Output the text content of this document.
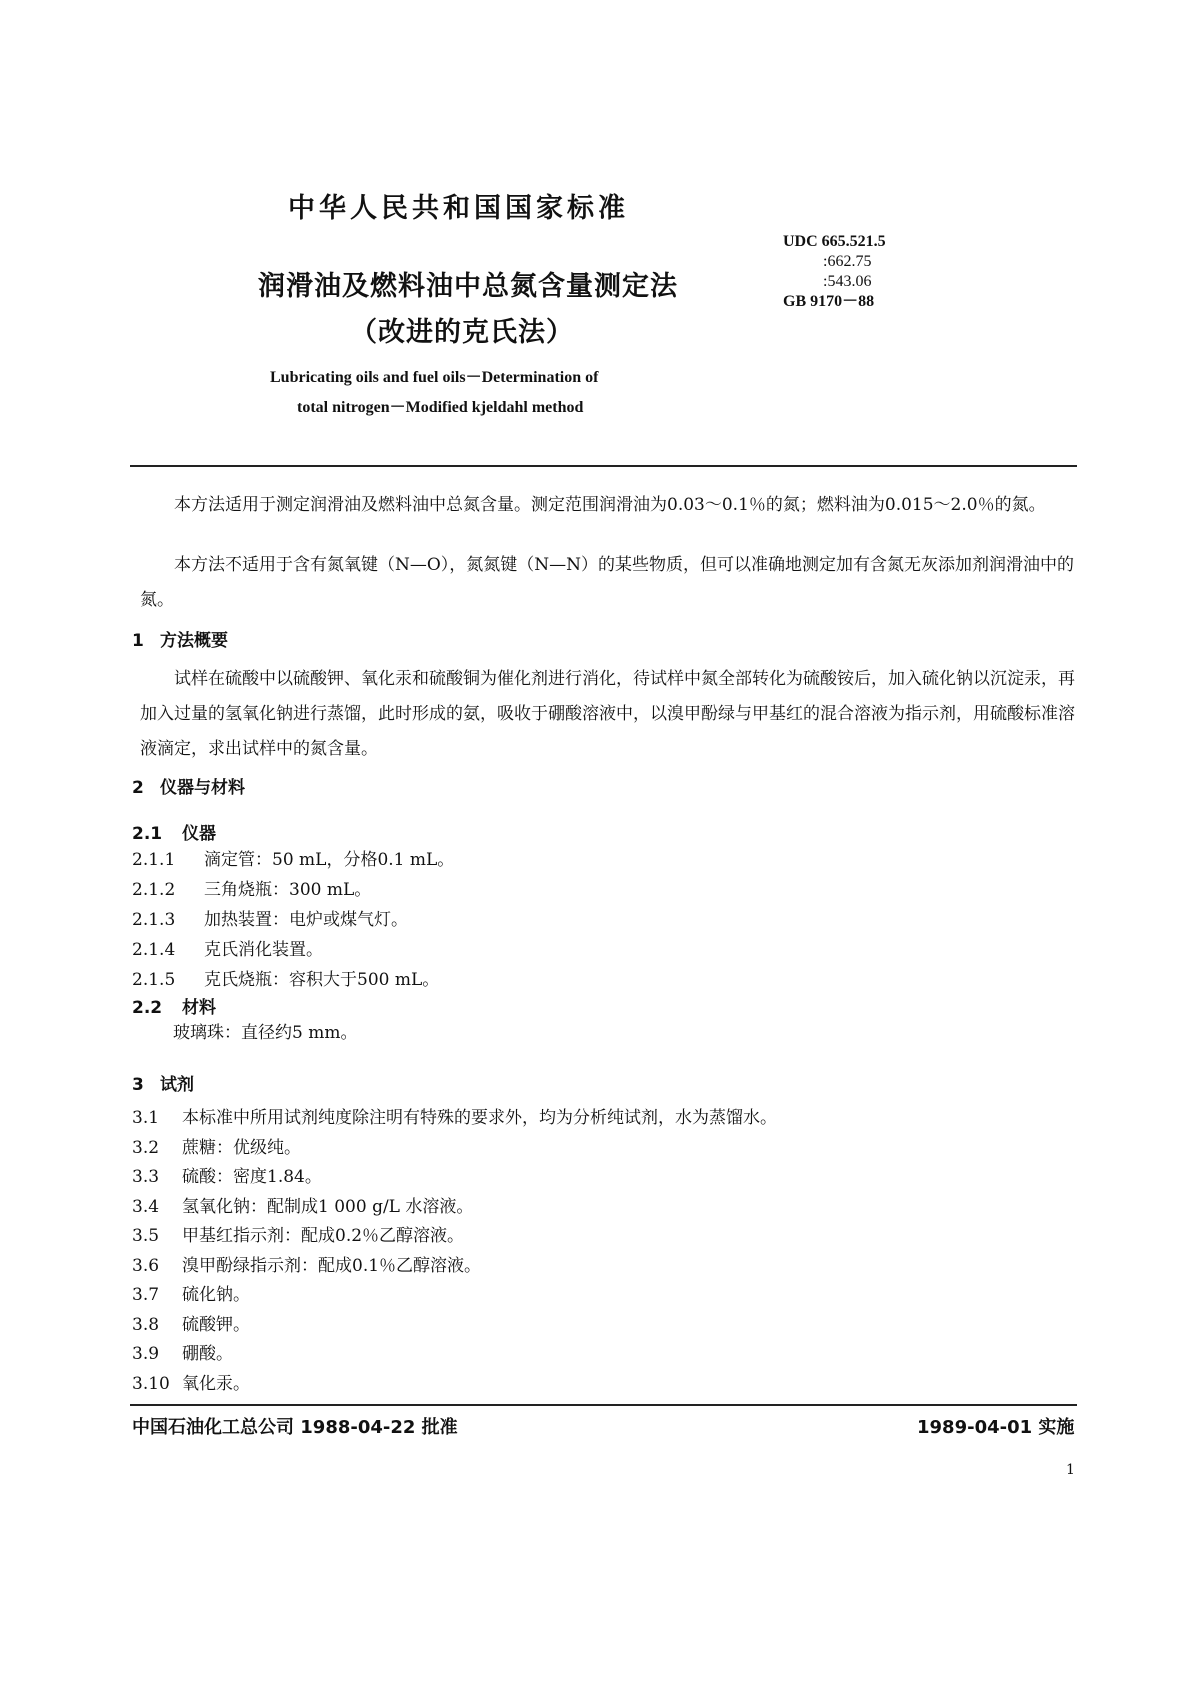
中华人民共和国国家标准
UDC 665.521.5
:662.75
:543.06
GB 9170－88
润滑油及燃料油中总氮含量测定法
（改进的克氏法）
Lubricating oils and fuel oils－Determination of
total nitrogen－Modified kjeldahl method
本方法适用于测定润滑油及燃料油中总氮含量。测定范围润滑油为0.03～0.1％的氮；燃料油为0.015～2.0％的氮。
本方法不适用于含有氮氧键（N—O），氮氮键（N—N）的某些物质，但可以准确地测定加有含氮无灰添加剂润滑油中的氮。
1 方法概要
试样在硫酸中以硫酸钾、氧化汞和硫酸铜为催化剂进行消化，待试样中氮全部转化为硫酸铵后，加入硫化钠以沉淀汞，再加入过量的氢氧化钠进行蒸馏，此时形成的氨，吸收于硼酸溶液中，以溴甲酚绿与甲基红的混合溶液为指示剂，用硫酸标准溶液滴定，求出试样中的氮含量。
2 仪器与材料
2.1 仪器
2.1.1 滴定管：50 mL，分格0.1 mL。
2.1.2 三角烧瓶：300 mL。
2.1.3 加热装置：电炉或煤气灯。
2.1.4 克氏消化装置。
2.1.5 克氏烧瓶：容积大于500 mL。
2.2 材料
玻璃珠：直径约5 mm。
3 试剂
3.1 本标准中所用试剂纯度除注明有特殊的要求外，均为分析纯试剂，水为蒸馏水。
3.2 蔗糖：优级纯。
3.3 硫酸：密度1.84。
3.4 氢氧化钠：配制成1 000 g/L 水溶液。
3.5 甲基红指示剂：配成0.2％乙醇溶液。
3.6 溴甲酚绿指示剂：配成0.1％乙醇溶液。
3.7 硫化钠。
3.8 硫酸钾。
3.9 硼酸。
3.10 氧化汞。
中国石油化工总公司 1988-04-22 批准	1989-04-01 实施
1
